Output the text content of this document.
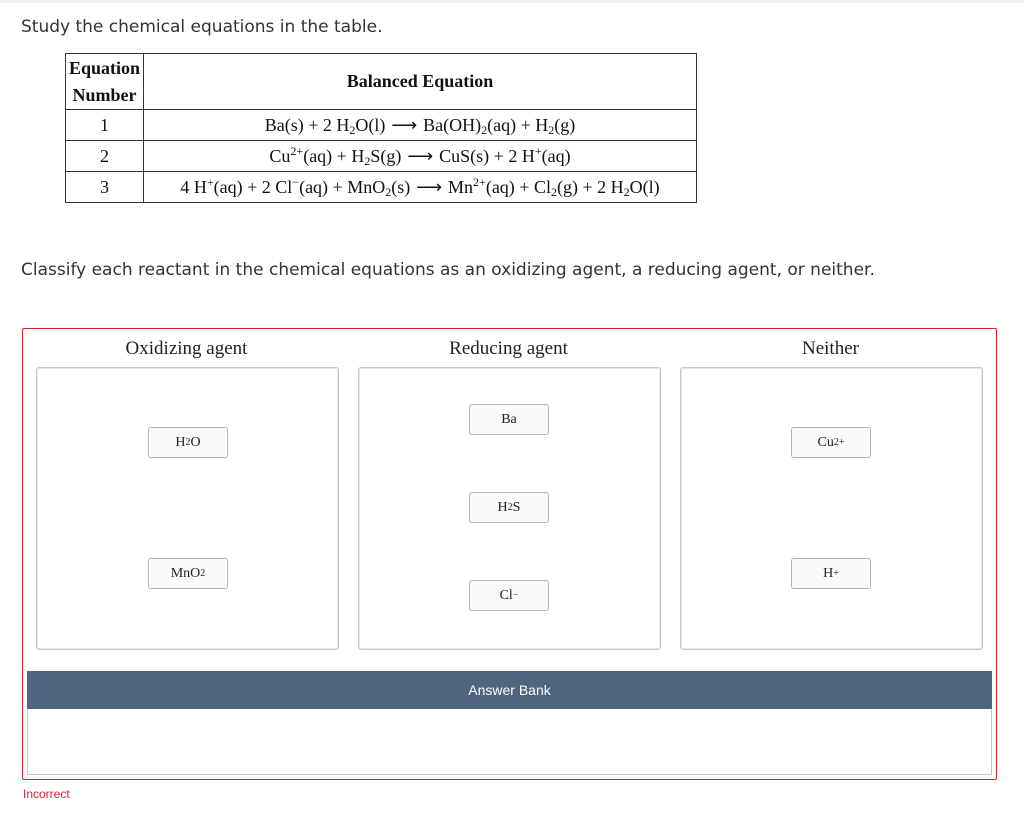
Study the chemical equations in the table.
Equation
Number	Balanced Equation
1	Ba(s) + 2 $H_2O(l)$ ⟶ $Ba(OH)_2(aq) + H_2(g)$
2	$Cu^{2+}(aq) + H_2S(g)$ ⟶ CuS(s) + 2 H+(aq)
3	4 H+(aq) + 2 Cl−(aq) + MnO$_2$(s) ⟶ $Mn^{2+}(aq) + Cl_2(g) + 2$ $H_2O(l)$
Classify each reactant in the chemical equations as an oxidizing agent, a reducing agent, or neither.
Oxidizing agent	Reducing agent	Neither
H 2 O
MnO 2
Ba
H 2 S
Cl −
Cu 2+
H +
Answer Bank
Incorrect
